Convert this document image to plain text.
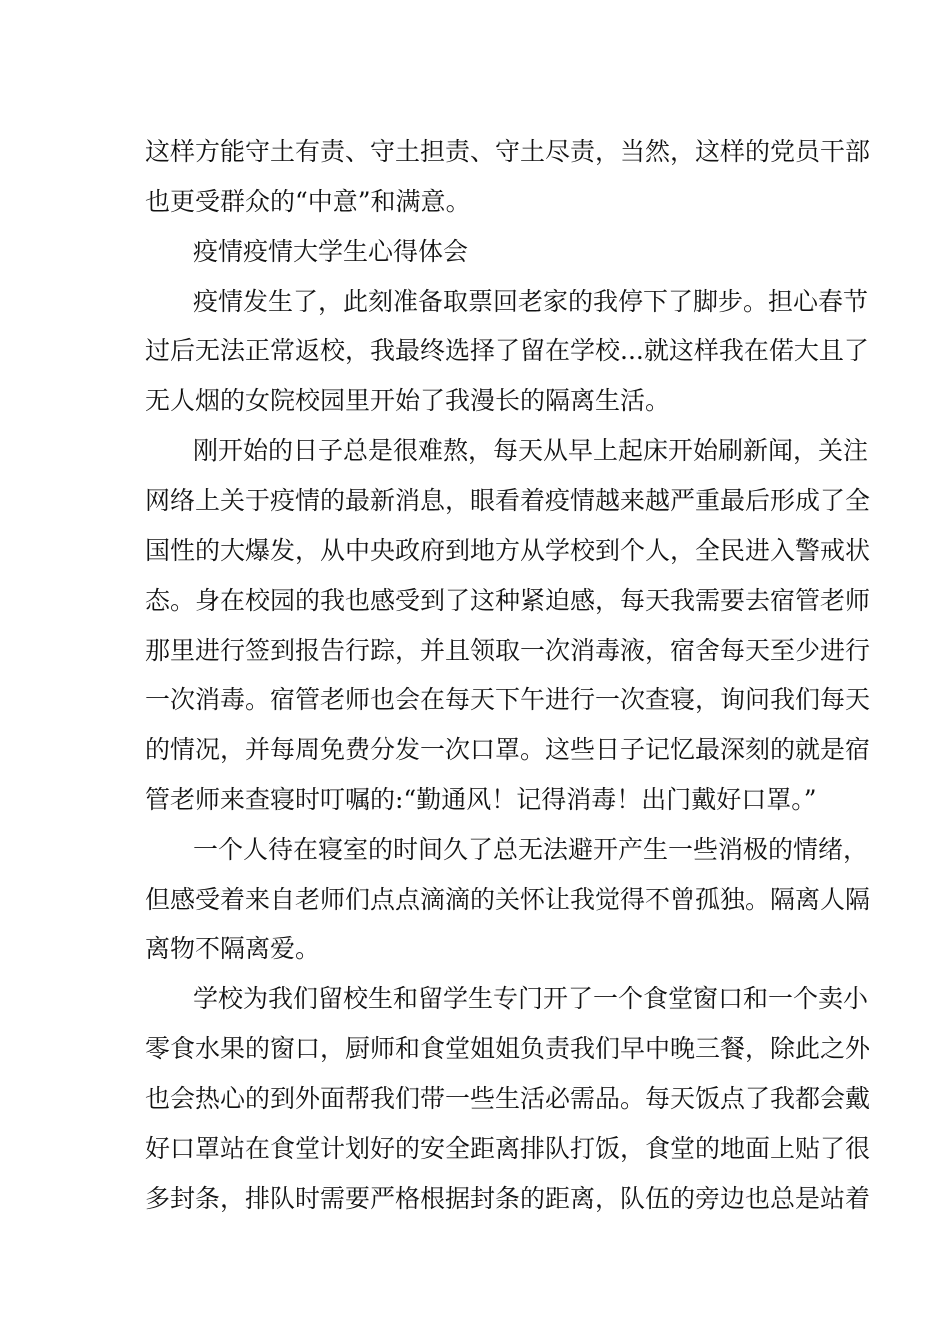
这样方能守土有责、守土担责、守土尽责，当然，这样的党员干部
也更受群众的“中意”和满意。
疫情疫情大学生心得体会
疫情发生了，此刻准备取票回老家的我停下了脚步。担心春节
过后无法正常返校，我最终选择了留在学校...就这样我在偌大且了
无人烟的女院校园里开始了我漫长的隔离生活。
刚开始的日子总是很难熬，每天从早上起床开始刷新闻，关注
网络上关于疫情的最新消息，眼看着疫情越来越严重最后形成了全
国性的大爆发，从中央政府到地方从学校到个人，全民进入警戒状
态。身在校园的我也感受到了这种紧迫感，每天我需要去宿管老师
那里进行签到报告行踪，并且领取一次消毒液，宿舍每天至少进行
一次消毒。宿管老师也会在每天下午进行一次查寝，询问我们每天
的情况，并每周免费分发一次口罩。这些日子记忆最深刻的就是宿
管老师来查寝时叮嘱的:“勤通风！记得消毒！出门戴好口罩。”
一个人待在寝室的时间久了总无法避开产生一些消极的情绪，
但感受着来自老师们点点滴滴的关怀让我觉得不曾孤独。隔离人隔
离物不隔离爱。
学校为我们留校生和留学生专门开了一个食堂窗口和一个卖小
零食水果的窗口，厨师和食堂姐姐负责我们早中晚三餐，除此之外
也会热心的到外面帮我们带一些生活必需品。每天饭点了我都会戴
好口罩站在食堂计划好的安全距离排队打饭，食堂的地面上贴了很
多封条，排队时需要严格根据封条的距离，队伍的旁边也总是站着
